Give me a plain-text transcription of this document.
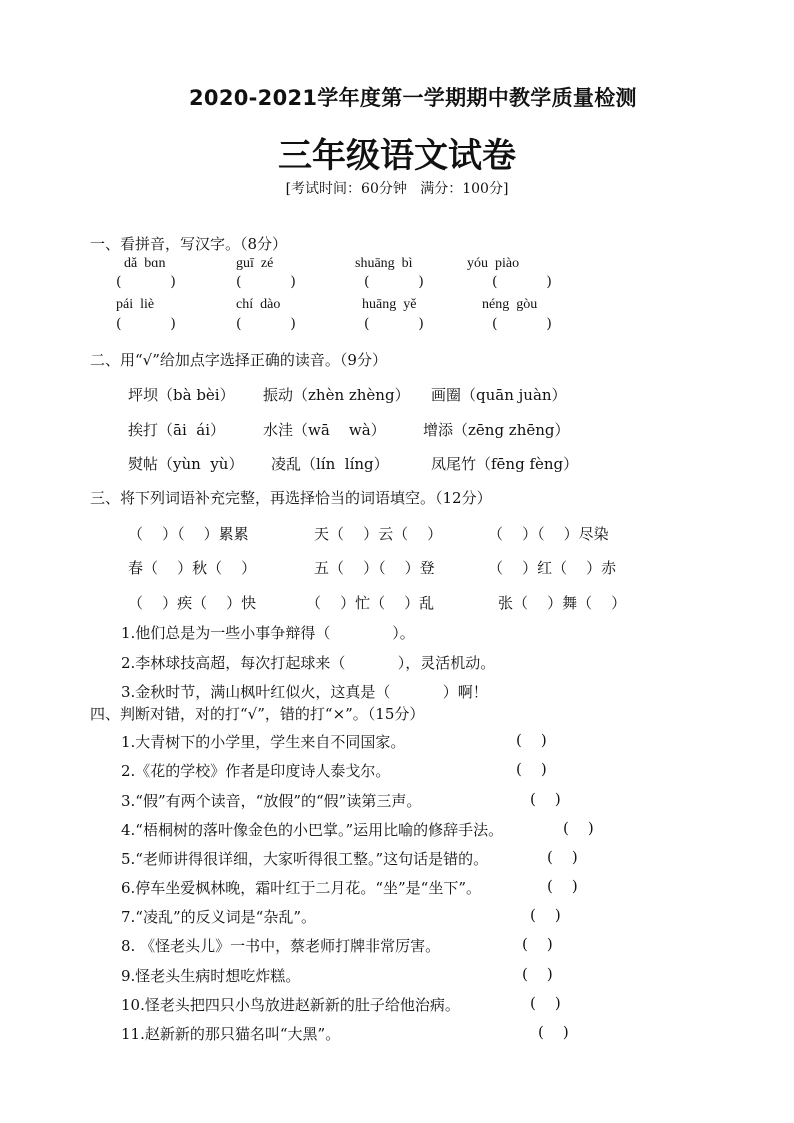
2020-2021学年度第一学期期中教学质量检测
三年级语文试卷
[考试时间：60分钟   满分：100分]
一、看拼音，写汉字。（8分）
dǎ  bɑn	guī  zé	shuāng  bì	yóu  piào
(           )	(           )	(           )	(           )
pái  liè	chí  dào	huāng  yě	néng  gòu
(           )	(           )	(           )	(           )
二、用“√”给加点字选择正确的读音。（9分）
坪坝（bà bèi） 振动（zhèn zhèng） 画圈（quān juàn）
挨打（āi  ái）	水洼（wā    wà） 增添（zēng zhēng）
熨帖（yùn  yù） 凌乱（lín  líng）	凤尾竹（fēng fèng）
三、将下列词语补充完整，再选择恰当的词语填空。（12分）
（    ）（    ）累累	天（    ）云（    ）	（    ）（    ）尽染
春（    ）秋（    ）	五（    ）（    ）登	（    ）红（    ）赤
（    ）疾（    ）快	（    ）忙（    ）乱	张（    ）舞（    ）
1.他们总是为一些小事争辩得（             ）。
2.李林球技高超，每次打起球来（           ），灵活机动。
3.金秋时节，满山枫叶红似火，这真是（           ）啊！
四、判断对错，对的打“√”，错的打“×”。（15分）
1.大青树下的小学里，学生来自不同国家。	(    )
2.《花的学校》作者是印度诗人泰戈尔。	(    )
3.“假”有两个读音，“放假”的“假”读第三声。	(    )
4.“梧桐树的落叶像金色的小巴掌。”运用比喻的修辞手法。	(    )
5.“老师讲得很详细，大家听得很工整。”这句话是错的。	(    )
6.停车坐爱枫林晚，霜叶红于二月花。“坐”是“坐下”。	(    )
7.“凌乱”的反义词是“杂乱”。	(    )
8. 《怪老头儿》一书中，蔡老师打牌非常厉害。	(    )
9.怪老头生病时想吃炸糕。	(    )
10.怪老头把四只小鸟放进赵新新的肚子给他治病。	(    )
11.赵新新的那只猫名叫“大黑”。	(    )
